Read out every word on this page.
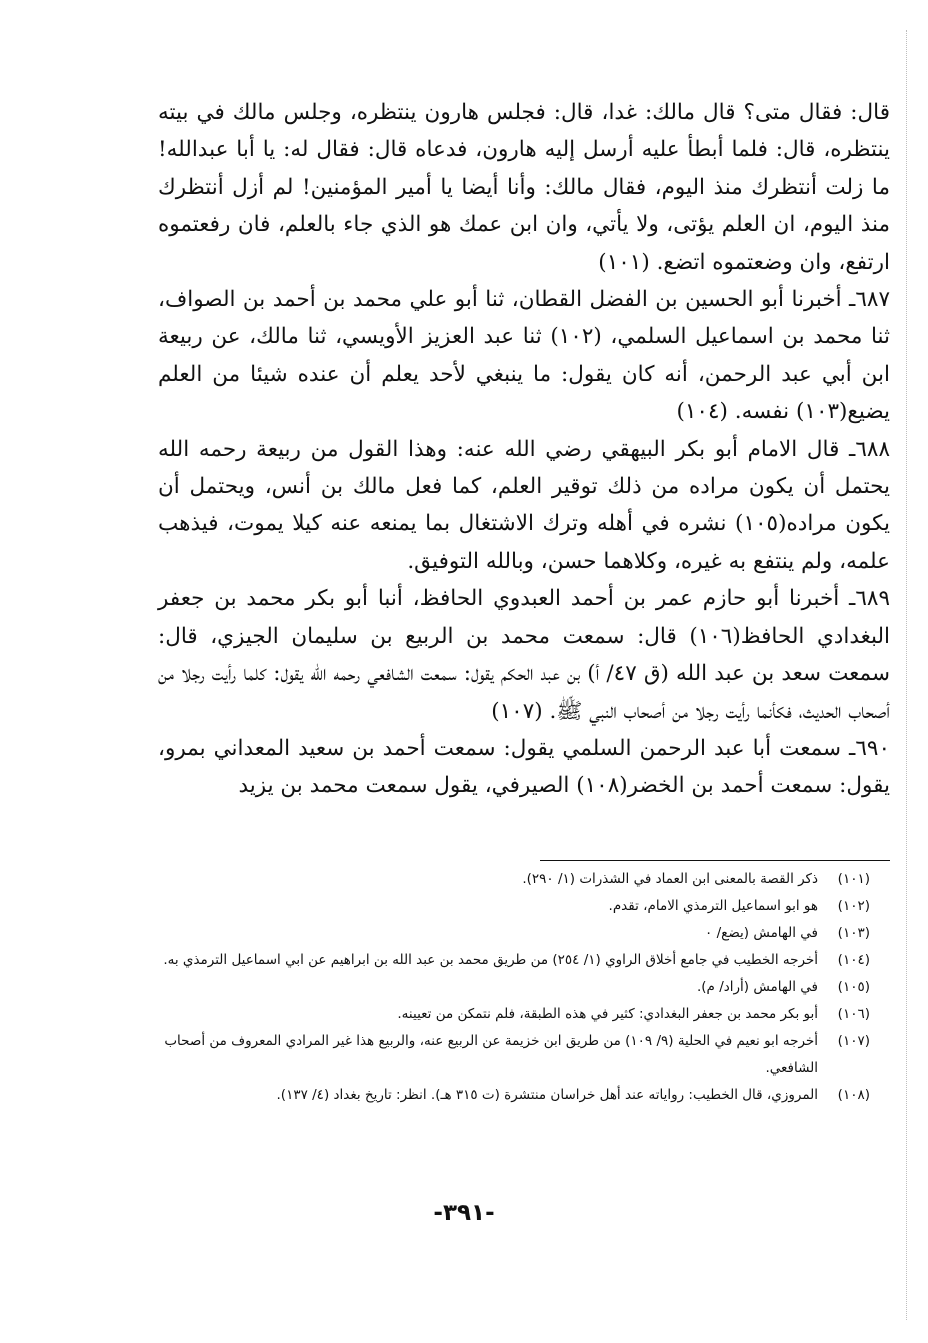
قال: فقال متى؟ قال مالك: غدا، قال: فجلس هارون ينتظره، وجلس مالك في بيته ينتظره، قال: فلما أبطأ عليه أرسل إليه هارون، فدعاه قال: فقال له: يا أبا عبدالله! ما زلت أنتظرك منذ اليوم، فقال مالك: وأنا أيضا يا أمير المؤمنين! لم أزل أنتظرك منذ اليوم، ان العلم يؤتى، ولا يأتي، وان ابن عمك هو الذي جاء بالعلم، فان رفعتموه ارتفع، وان وضعتموه اتضع. (١٠١)

٦٨٧ـ أخبرنا أبو الحسين بن الفضل القطان، ثنا أبو علي محمد بن أحمد بن الصواف، ثنا محمد بن اسماعيل السلمي، (١٠٢) ثنا عبد العزيز الأويسي، ثنا مالك، عن ربيعة ابن أبي عبد الرحمن، أنه كان يقول: ما ينبغي لأحد يعلم أن عنده شيئا من العلم يضيع(١٠٣) نفسه. (١٠٤)

٦٨٨ـ قال الامام أبو بكر البيهقي رضي الله عنه: وهذا القول من ربيعة رحمه الله يحتمل أن يكون مراده من ذلك توقير العلم، كما فعل مالك بن أنس، ويحتمل أن يكون مراده(١٠٥) نشره في أهله وترك الاشتغال بما يمنعه عنه كيلا يموت، فيذهب علمه، ولم ينتفع به غيره، وكلاهما حسن، وبالله التوفيق.

٦٨٩ـ أخبرنا أبو حازم عمر بن أحمد العبدوي الحافظ، أنبا أبو بكر محمد بن جعفر البغدادي الحافظ(١٠٦) قال: سمعت محمد بن الربيع بن سليمان الجيزي، قال: سمعت سعد بن عبد الله (ق ٤٧/ أ) بن عبد الحكم يقول: سمعت الشافعي رحمه الله يقول: كلما رأيت رجلا من أصحاب الحديث، فكأنما رأيت رجلا من أصحاب النبي ﷺ. (١٠٧)

٦٩٠ـ سمعت أبا عبد الرحمن السلمي يقول: سمعت أحمد بن سعيد المعداني بمرو، يقول: سمعت أحمد بن الخضر(١٠٨) الصيرفي، يقول سمعت محمد بن يزيد

(١٠١)
ذكر القصة بالمعنى ابن العماد في الشذرات (١/ ٢٩٠).
(١٠٢)
هو ابو اسماعيل الترمذي الامام، تقدم.
(١٠٣)
في الهامش (يضع/ ٠
(١٠٤)
أخرجه الخطيب في جامع أخلاق الراوي (١/ ٢٥٤) من طريق محمد بن عبد الله بن ابراهيم عن ابي اسماعيل الترمذي به.
(١٠٥)
في الهامش (أراد/ م).
(١٠٦)
أبو بكر محمد بن جعفر البغدادي: كثير في هذه الطبقة، فلم نتمكن من تعيينه.
(١٠٧)
أخرجه ابو نعيم في الحلية (٩/ ١٠٩) من طريق ابن خزيمة عن الربيع عنه، والربيع هذا غير المرادي المعروف من أصحاب الشافعي.
(١٠٨)
المروزي، قال الخطيب: رواياته عند أهل خراسان منتشرة (ت ٣١٥ هـ). انظر: تاريخ بغداد (٤/ ١٣٧).
-٣٩١-
